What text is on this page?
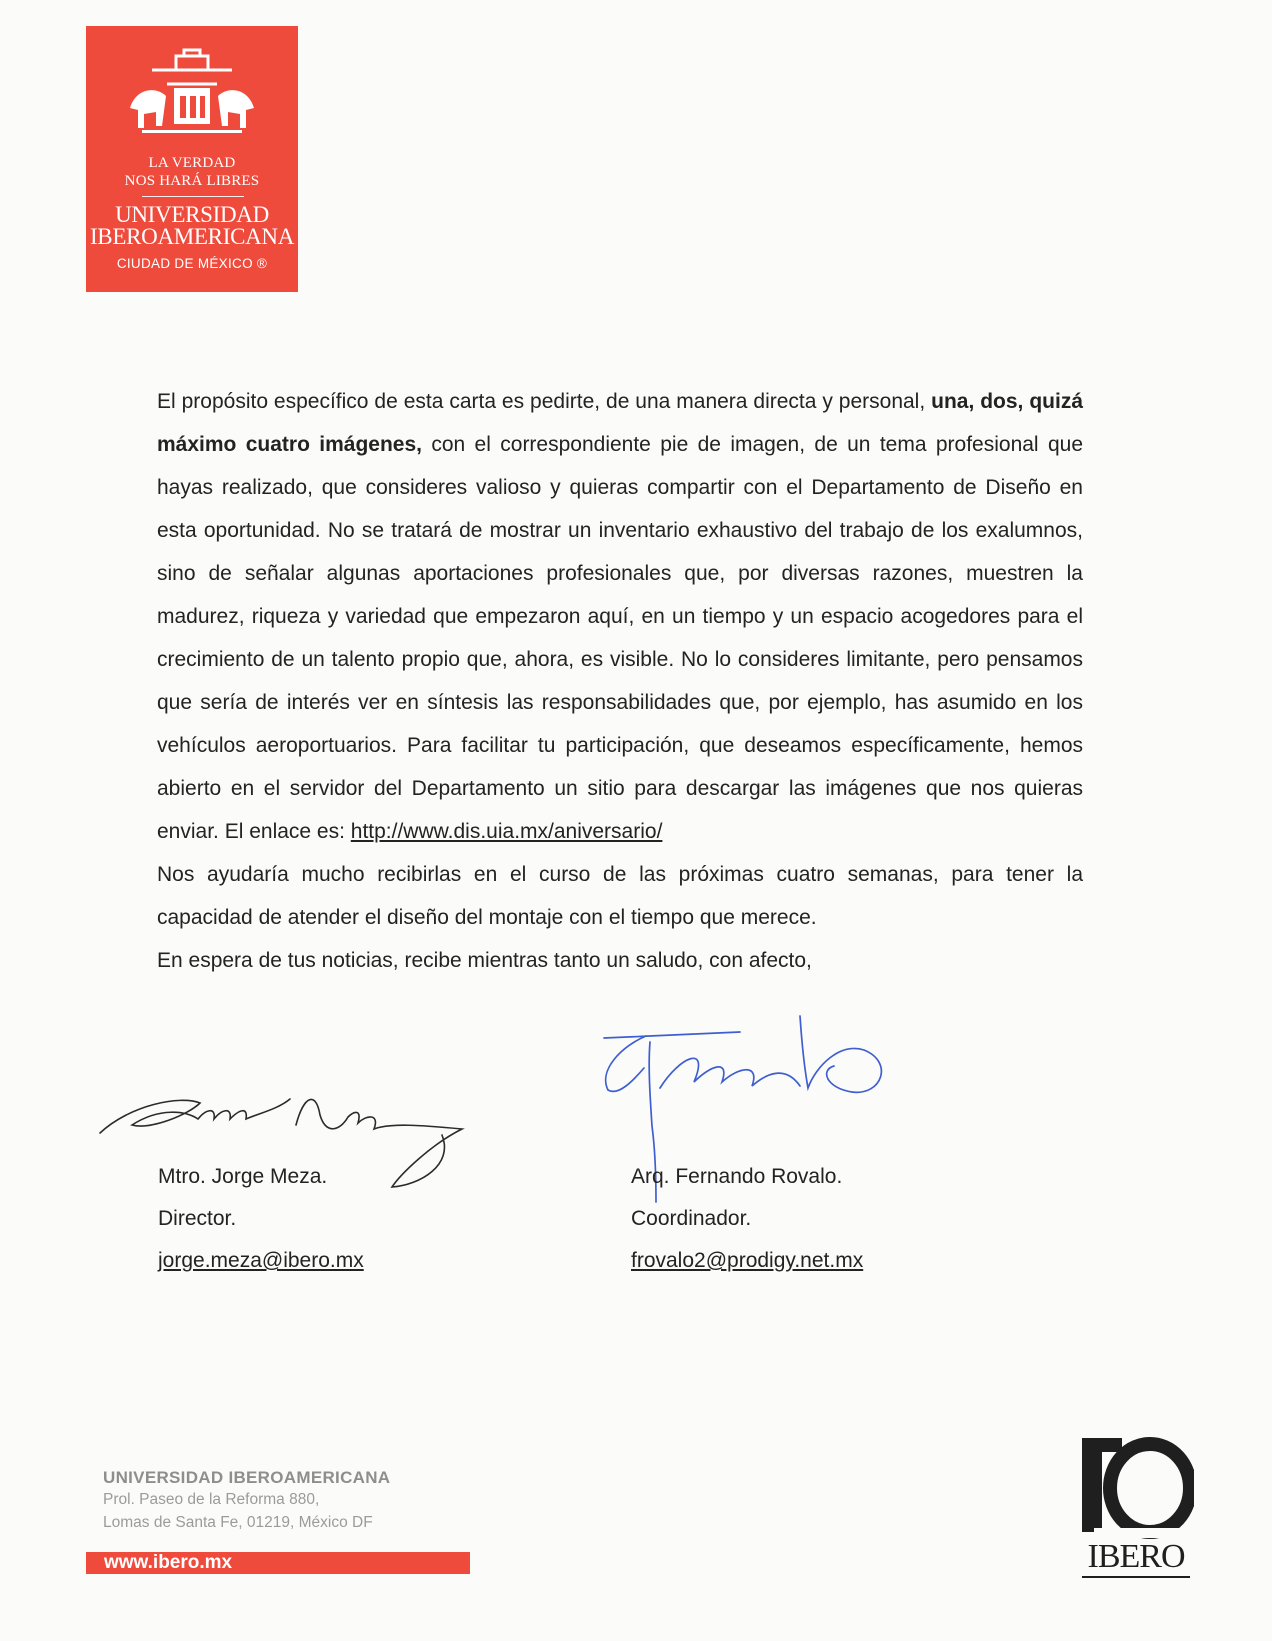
LA VERDAD
NOS HARÁ LIBRES
UNIVERSIDAD
IBEROAMERICANA
CIUDAD DE MÉXICO ®

El propósito específico de esta carta es pedirte, de una manera directa y personal, una, dos, quizá máximo cuatro imágenes, con el correspondiente pie de imagen, de un tema profesional que hayas realizado, que consideres valioso y quieras compartir con el Departamento de Diseño en esta oportunidad. No se tratará de mostrar un inventario exhaustivo del trabajo de los exalumnos, sino de señalar algunas aportaciones profesionales que, por diversas razones, muestren la madurez, riqueza y variedad que empezaron aquí, en un tiempo y un espacio acogedores para el crecimiento de un talento propio que, ahora, es visible. No lo consideres limitante, pero pensamos que sería de interés ver en síntesis las responsabilidades que, por ejemplo, has asumido en los vehículos aeroportuarios. Para facilitar tu participación, que deseamos específicamente, hemos abierto en el servidor del Departamento un sitio para descargar las imágenes que nos quieras enviar. El enlace es: http://www.dis.uia.mx/aniversario/

Nos ayudaría mucho recibirlas en el curso de las próximas cuatro semanas, para tener la capacidad de atender el diseño del montaje con el tiempo que merece.

En espera de tus noticias, recibe mientras tanto un saludo, con afecto,

Mtro. Jorge Meza.
Director.
jorge.meza@ibero.mx
Arq. Fernando Rovalo.
Coordinador.
frovalo2@prodigy.net.mx
UNIVERSIDAD IBEROAMERICANA
Prol. Paseo de la Reforma 880,
Lomas de Santa Fe, 01219, México DF
www.ibero.mx	IBERO
